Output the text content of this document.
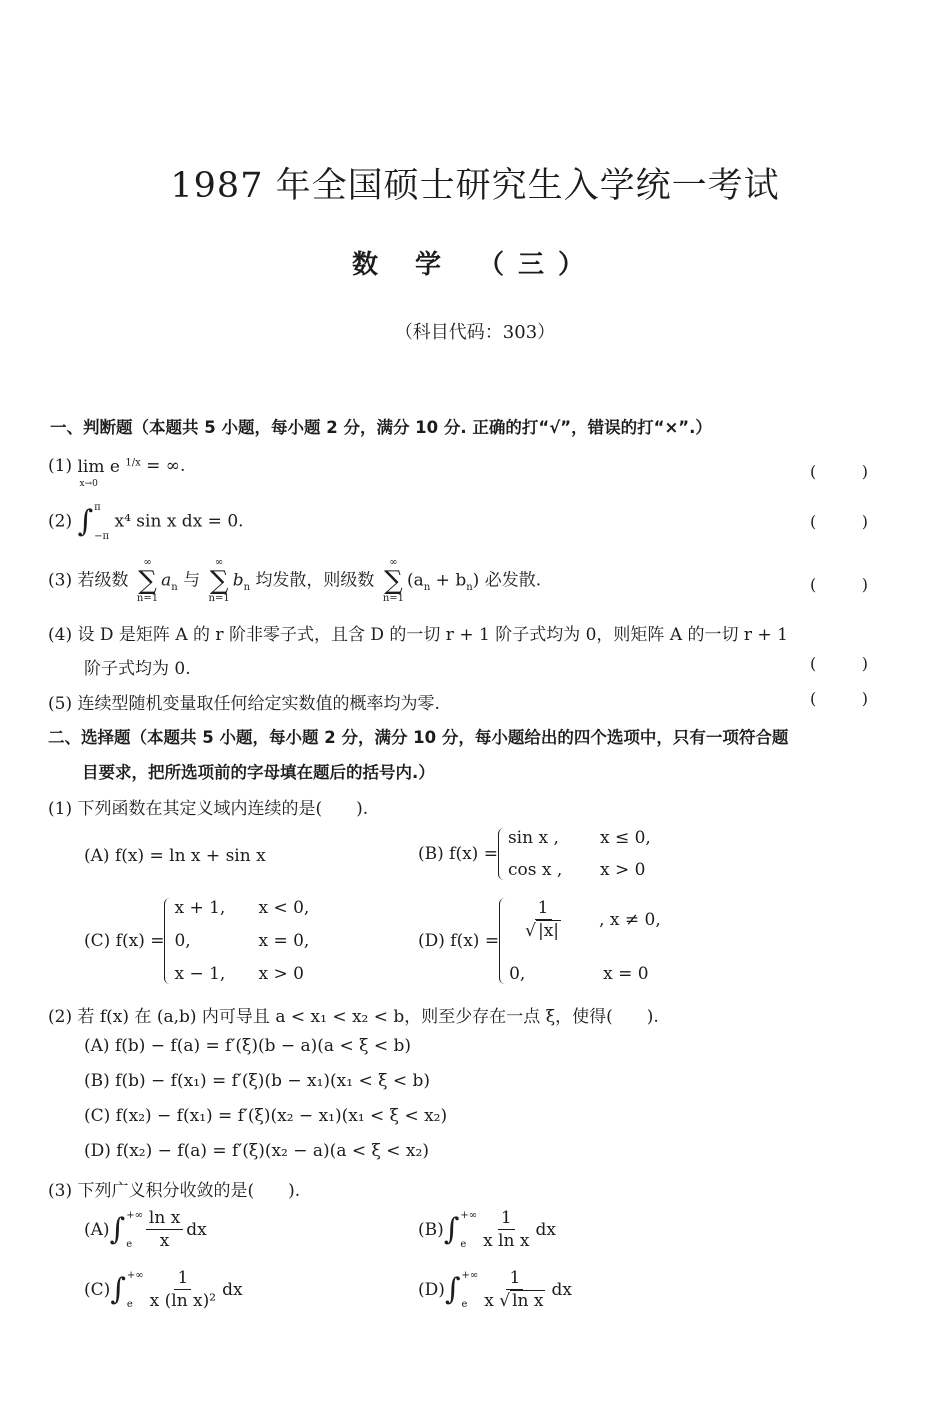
1987 年全国硕士研究生入学统一考试
数 学 （三）
（科目代码：303）
一、判断题（本题共 5 小题，每小题 2 分，满分 10 分. 正确的打“√”，错误的打“×”.）
(1) lim e $^{1/x}$
x→0
= ∞.	(	)
(2) ∫ π
−π
x⁴ sin x dx = 0.	(	)
(3) 若级数
∞
∑
n=1
$a_n$ 与
∞
∑
n=1
$b_n$ 均发散，则级数
∞
∑
n=1
$(a_n + b_n)$ 必发散.	(	)
(4) 设 D 是矩阵 A 的 r 阶非零子式，且含 D 的一切 r + 1 阶子式均为 0，则矩阵 A 的一切 r + 1
阶子式均为 0.	(	)
(5) 连续型随机变量取任何给定实数值的概率均为零.	(	)
二、选择题（本题共 5 小题，每小题 2 分，满分 10 分，每小题给出的四个选项中，只有一项符合题
目要求，把所选项前的字母填在题后的括号内.）
(1) 下列函数在其定义域内连续的是(　　).
(A) f(x) = ln x + sin x	(B) f(x) =
sin x ,	x ≤ 0,
cos x ,	x > 0
(C) f(x) =
x + 1,	x < 0,
0,	x = 0,
x − 1,	x > 0
(D) $f(x) = \frac{1}{√ |x|}$ , x ≠ 0,
0,	x = 0
(2) 若 f(x) 在 (a,b) 内可导且 a < x₁ < x₂ < b，则至少存在一点 ξ，使得(　　).
(A) f(b) − f(a) = f′(ξ)(b − a)(a < ξ < b)
(B) f(b) − f(x₁) = f′(ξ)(b − x₁)(x₁ < ξ < b)
(C) f(x₂) − f(x₁) = f′(ξ)(x₂ − x₁)(x₁ < ξ < x₂)
(D) f(x₂) − f(a) = f′(ξ)(x₂ − a)(a < ξ < x₂)
(3) 下列广义积分收敛的是(　　).
(A) ∫ +∞
e $\frac{\text{ln x}}{x}$ dx	(B) ∫ +∞
e $\frac{1}{\text{x ln x}}$ dx
(C) ∫ +∞
e $\frac{1}{\text{x (ln x)²}}$ dx	(D) ∫ +∞
e $\frac{1}{\text{x √ ln x}}$ dx
